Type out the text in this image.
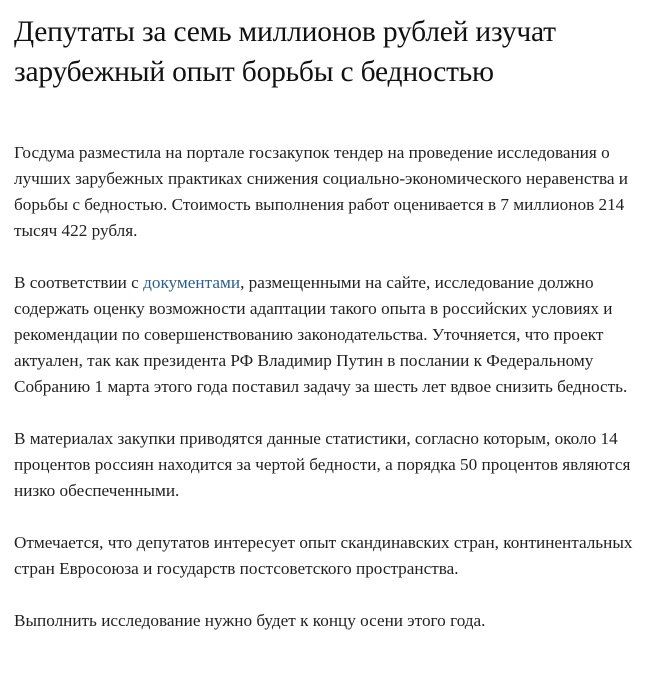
Депутаты за семь миллионов рублей изучат зарубежный опыт борьбы с бедностью

Госдума разместила на портале госзакупок тендер на проведение исследования о лучших зарубежных практиках снижения социально-экономического неравенства и борьбы с бедностью. Стоимость выполнения работ оценивается в 7 миллионов 214 тысяч 422 рубля.

В соответствии с документами, размещенными на сайте, исследование должно содержать оценку возможности адаптации такого опыта в российских условиях и рекомендации по совершенствованию законодательства. Уточняется, что проект актуален, так как президента РФ Владимир Путин в послании к Федеральному Собранию 1 марта этого года поставил задачу за шесть лет вдвое снизить бедность.

В материалах закупки приводятся данные статистики, согласно которым, около 14 процентов россиян находится за чертой бедности, а порядка 50 процентов являются низко обеспеченными.

Отмечается, что депутатов интересует опыт скандинавских стран, континентальных стран Евросоюза и государств постсоветского пространства.

Выполнить исследование нужно будет к концу осени этого года.
